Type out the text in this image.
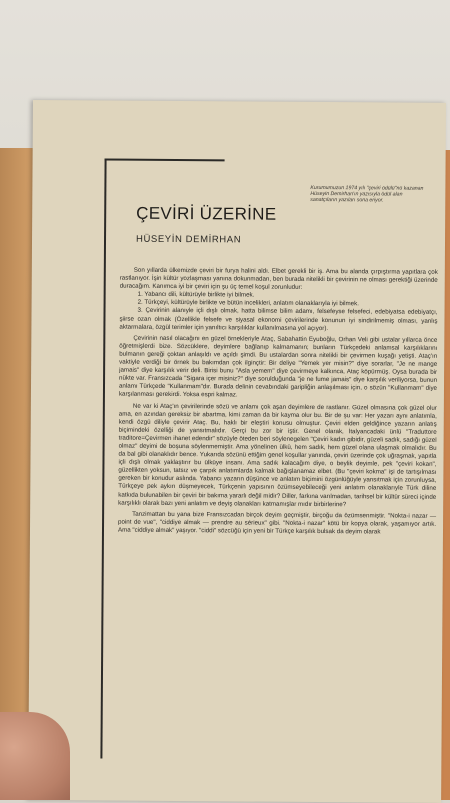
Kurumumuzun 1974 yılı "çeviri ödülü"nü kazanan Hüseyin Demirhan'ın yazısıyla ödül alan sanatçıların yazıları sona eriyor.
ÇEVİRİ ÜZERİNE
HÜSEYİN DEMİRHAN

Son yıllarda ülkemizde çeviri bir furya halini aldı. Elbet gerekli bir iş. Ama bu alanda çırpıştırma yapıtlara çok rastlanıyor. İşin kültür yozlaşması yanına dokunmadan, ben burada nitelikli bir çevirinin ne olması gerektiği üzerinde duracağım. Kanımca iyi bir çeviri için şu üç temel koşul zorunludur:

1. Yabancı dili, kültürüyle birlikte iyi bilmek.

2. Türkçeyi, kültürüyle birlikte ve bütün incelikleri, anlatım olanaklarıyla iyi bilmek.

3. Çevirinin alanıyle içli dışlı olmak, hatta bilimse bilim adamı, felsefeyse felsefeci, edebiyatsa edebiyatçı, şiirse ozan olmak (Özellikle felsefe ve siyasal ekonomi çevirilerinde konunun iyi sindirilmemiş olması, yanlış aktarmalara, özgül terimler için yanıltıcı karşılıklar kullanılmasına yol açıyor).

Çevirinin nasıl olacağını en güzel örnekleriyle Ataç, Sabahattin Eyuboğlu, Orhan Veli gibi ustalar yıllarca önce öğretmişlerdi bize. Sözcüklere, deyimlere bağlanıp kalmamanın; bunların Türkçedeki anlamsal karşılıklarını bulmanın gereği çoktan anlaşıldı ve açıldı şimdi. Bu ustalardan sonra nitelikli bir çevirmen kuşağı yetişti. Ataç'ın vaktiyle verdiği bir örnek bu bakımdan çok ilginçtir: Bir deliye "Yemek yer misin?" diye sorarlar, "Je ne mange jamais" diye karşılık verir deli. Birisi bunu "Asla yemem" diye çevirmeye kalkınca, Ataç köpürmüş. Oysa burada bir nükte var. Fransızcada "Sigara içer misiniz?" diye sorulduğunda "je ne fume jamais" diye karşılık veriliyorsa, bunun anlamı Türkçede "Kullanmam"dır. Burada delinin cevabındaki garipliğin anlaşılması için, o sözün "Kullanmam" diye karşılanması gerekirdi. Yoksa espri kalmaz.

Ne var ki Ataç'ın çevirilerinde sözü ve anlamı çok aşan deyimlere de rastlanır. Güzel olmasına çok güzel olur ama, en azından gereksiz bir abartma, kimi zaman da bir kayma olur bu. Bir de şu var: Her yazarı aynı anlatımla, kendi özgü diliyle çevirir Ataç. Bu, haklı bir eleştiri konusu olmuştur. Çeviri elden geldiğince yazarın anlatış biçimindeki özelliği de yansıtmalıdır. Gerçi bu zor bir iştir. Genel olarak, İtalyancadaki ünlü "Traduttore traditore=Çevirmen ihanet edendir" sözüyle öteden beri söylenegelen "Çeviri kadın gibidir, güzeli sadık, sadığı güzel olmaz" deyimi de boşuna söylenmemiştir. Ama yönelinen ülkü, hem sadık, hem güzel olana ulaşmak olmalıdır. Bu da bal gibi olanaklıdır bence. Yukarıda sözünü ettiğim genel koşullar yanında, çeviri üzerinde çok uğraşmak, yapıtla içli dışlı olmak yaklaştırır bu ülküye insanı. Ama sadık kalacağım diye, o beylik deyimle, pek "çeviri kokan", güzellikten yoksun, tatsız ve çarpık anlatımlarda kalmak bağışlanamaz elbet. (Bu "çeviri kokma" işi de tartışılması gereken bir konudur aslında. Yabancı yazarın düşünce ve anlatım biçimini özgünlüğüyle yansıtmak için zorunluysa, Türkçeye pek aykırı düşmeyecek, Türkçenin yapısının özümseyebileceği yeni anlatım olanaklarıyle Türk diline katkıda bulunabilen bir çeviri bir bakıma yararlı değil midir? Diller, farkına varılmadan, tarihsel bir kültür süreci içinde karşılıklı olarak bazı yeni anlatım ve deyiş olanakları katmamışlar mıdır birbirlerine?

Tanzimattan bu yana bize Fransızcadan birçok deyim geçmiştir, birçoğu da özümsenmiştir. "Nokta-i nazar — point de vue", "ciddiye almak — prendre au sérieux" gibi. "Nokta-i nazar" kötü bir kopya olarak, yaşamıyor artık. Ama "ciddiye almak" yaşıyor. "ciddi" sözcüğü için yeni bir Türkçe karşılık bulsak da deyim olarak
